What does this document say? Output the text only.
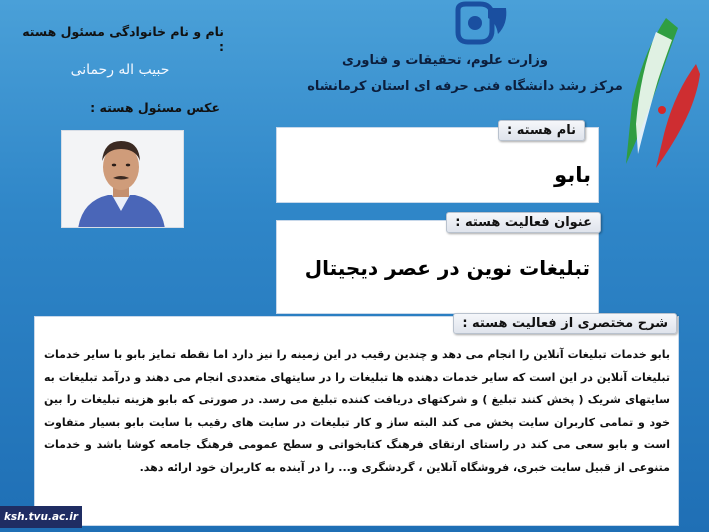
نام و نام خانوادگی مسئول هسته :
حبیب اله رحمانی
عکس مسئول هسته :
وزارت علوم، تحقیقات و فناوری
مرکز رشد دانشگاه فنی حرفه ای استان کرمانشاه
نام هسته :
بابو
عنوان فعالیت هسته :
تبلیغات نوین در عصر دیجیتال
شرح مختصری از فعالیت هسته :
بابو خدمات تبلیغات آنلاین را انجام می دهد و چندین رقیب در این زمینه را نیز دارد اما نقطه تمایز بابو با سایر خدمات تبلیغات آنلاین در این است که سایر خدمات دهنده ها تبلیغات را در سایتهای متعددی انجام می دهند و درآمد تبلیغات به سایتهای شریک ( پخش کنند تبلیغ ) و شرکتهای دریافت کننده تبلیغ می رسد. در صورتی که بابو هزینه تبلیغات را بین خود و تمامی کاربران سایت پخش می کند البته ساز و کار تبلیغات در سایت های رقیب با سایت بابو بسیار متفاوت است و بابو سعی می کند در راستای ارتقای فرهنگ کتابخواتی و سطح عمومی فرهنگ جامعه کوشا باشد و خدمات متنوعی از قبیل سایت خبری، فروشگاه آنلاین ، گردشگری و... را در آینده به کاربران خود ارائه دهد.
ksh.tvu.ac.ir
